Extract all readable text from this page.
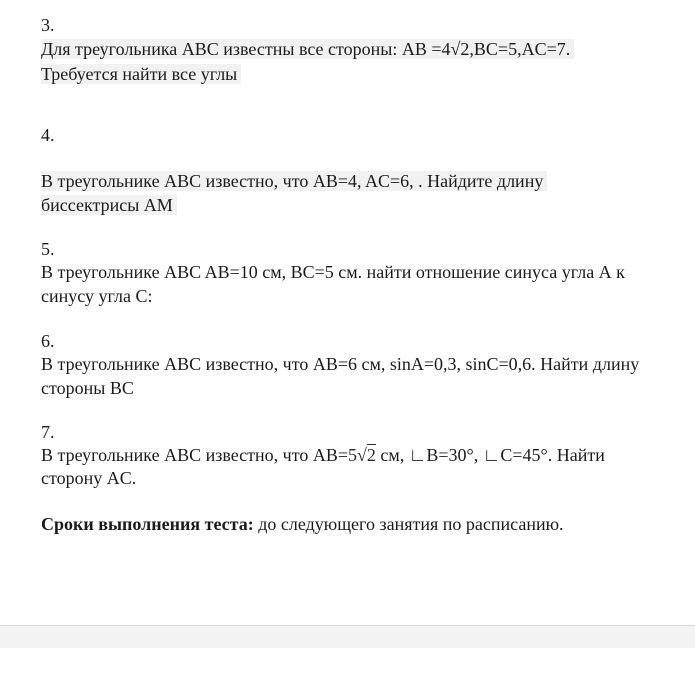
3.
Для треугольника ABC известны все стороны: AB =4√2,BC=5,AC=7.
Требуется найти все углы
4.
В треугольнике ABC известно, что AB=4, AC=6, . Найдите длину
биссектрисы AM
5.
В треугольнике ABC AB=10 см, BC=5 см. найти отношение синуса угла А к
синусу угла С:
6.
В треугольнике ABC известно, что AB=6 см, sinA=0,3, sinC=0,6. Найти длину
стороны BC
7.
В треугольнике ABC известно, что AB=5√2 см, ∟B=30°, ∟C=45°. Найти
сторону AC.
Сроки выполнения теста: до следующего занятия по расписанию.
